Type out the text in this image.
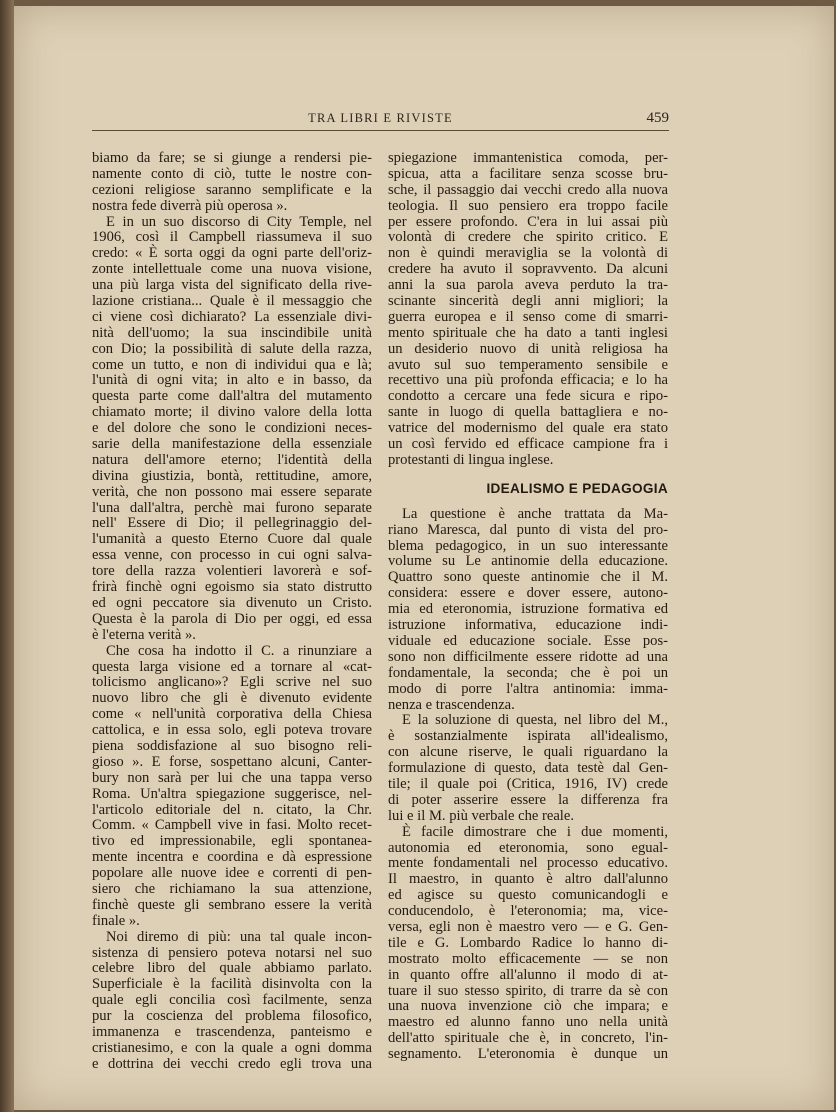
TRA LIBRI E RIVISTE	459
biamo da fare; se si giunge a rendersi pie-
namente conto di ciò, tutte le nostre con-
cezioni religiose saranno semplificate e la
nostra fede diverrà più operosa ».
E in un suo discorso di City Temple, nel
1906, così il Campbell riassumeva il suo
credo: « È sorta oggi da ogni parte dell'oriz-
zonte intellettuale come una nuova visione,
una più larga vista del significato della rive-
lazione cristiana... Quale è il messaggio che
ci viene così dichiarato? La essenziale divi-
nità dell'uomo; la sua inscindibile unità
con Dio; la possibilità di salute della razza,
come un tutto, e non di individui qua e là;
l'unità di ogni vita; in alto e in basso, da
questa parte come dall'altra del mutamento
chiamato morte; il divino valore della lotta
e del dolore che sono le condizioni neces-
sarie della manifestazione della essenziale
natura dell'amore eterno; l'identità della
divina giustizia, bontà, rettitudine, amore,
verità, che non possono mai essere separate
l'una dall'altra, perchè mai furono separate
nell' Essere di Dio; il pellegrinaggio del-
l'umanità a questo Eterno Cuore dal quale
essa venne, con processo in cui ogni salva-
tore della razza volentieri lavorerà e sof-
frirà finchè ogni egoismo sia stato distrutto
ed ogni peccatore sia divenuto un Cristo.
Questa è la parola di Dio per oggi, ed essa
è l'eterna verità ».
Che cosa ha indotto il C. a rinunziare a
questa larga visione ed a tornare al «cat-
tolicismo anglicano»? Egli scrive nel suo
nuovo libro che gli è divenuto evidente
come « nell'unità corporativa della Chiesa
cattolica, e in essa solo, egli poteva trovare
piena soddisfazione al suo bisogno reli-
gioso ». E forse, sospettano alcuni, Canter-
bury non sarà per lui che una tappa verso
Roma. Un'altra spiegazione suggerisce, nel-
l'articolo editoriale del n. citato, la Chr.
Comm. « Campbell vive in fasi. Molto recet-
tivo ed impressionabile, egli spontanea-
mente incentra e coordina e dà espressione
popolare alle nuove idee e correnti di pen-
siero che richiamano la sua attenzione,
finchè queste gli sembrano essere la verità
finale ».
Noi diremo di più: una tal quale incon-
sistenza di pensiero poteva notarsi nel suo
celebre libro del quale abbiamo parlato.
Superficiale è la facilità disinvolta con la
quale egli concilia così facilmente, senza
pur la coscienza del problema filosofico,
immanenza e trascendenza, panteismo e
cristianesimo, e con la quale a ogni domma
e dottrina dei vecchi credo egli trova una
spiegazione immantenistica comoda, per-
spicua, atta a facilitare senza scosse bru-
sche, il passaggio dai vecchi credo alla nuova
teologia. Il suo pensiero era troppo facile
per essere profondo. C'era in lui assai più
volontà di credere che spirito critico. E
non è quindi meraviglia se la volontà di
credere ha avuto il sopravvento. Da alcuni
anni la sua parola aveva perduto la tra-
scinante sincerità degli anni migliori; la
guerra europea e il senso come di smarri-
mento spirituale che ha dato a tanti inglesi
un desiderio nuovo di unità religiosa ha
avuto sul suo temperamento sensibile e
recettivo una più profonda efficacia; e lo ha
condotto a cercare una fede sicura e ripo-
sante in luogo di quella battagliera e no-
vatrice del modernismo del quale era stato
un così fervido ed efficace campione fra i
protestanti di lingua inglese.
IDEALISMO E PEDAGOGIA
La questione è anche trattata da Ma-
riano Maresca, dal punto di vista del pro-
blema pedagogico, in un suo interessante
volume su Le antinomie della educazione.
Quattro sono queste antinomie che il M.
considera: essere e dover essere, autono-
mia ed eteronomia, istruzione formativa ed
istruzione informativa, educazione indi-
viduale ed educazione sociale. Esse pos-
sono non difficilmente essere ridotte ad una
fondamentale, la seconda; che è poi un
modo di porre l'altra antinomia: imma-
nenza e trascendenza.
E la soluzione di questa, nel libro del M.,
è sostanzialmente ispirata all'idealismo,
con alcune riserve, le quali riguardano la
formulazione di questo, data testè dal Gen-
tile; il quale poi (Critica, 1916, IV) crede
di poter asserire essere la differenza fra
lui e il M. più verbale che reale.
È facile dimostrare che i due momenti,
autonomia ed eteronomia, sono egual-
mente fondamentali nel processo educativo.
Il maestro, in quanto è altro dall'alunno
ed agisce su questo comunicandogli e
conducendolo, è l'eteronomia; ma, vice-
versa, egli non è maestro vero — e G. Gen-
tile e G. Lombardo Radice lo hanno di-
mostrato molto efficacemente — se non
in quanto offre all'alunno il modo di at-
tuare il suo stesso spirito, di trarre da sè con
una nuova invenzione ciò che impara; e
maestro ed alunno fanno uno nella unità
dell'atto spirituale che è, in concreto, l'in-
segnamento. L'eteronomia è dunque un
